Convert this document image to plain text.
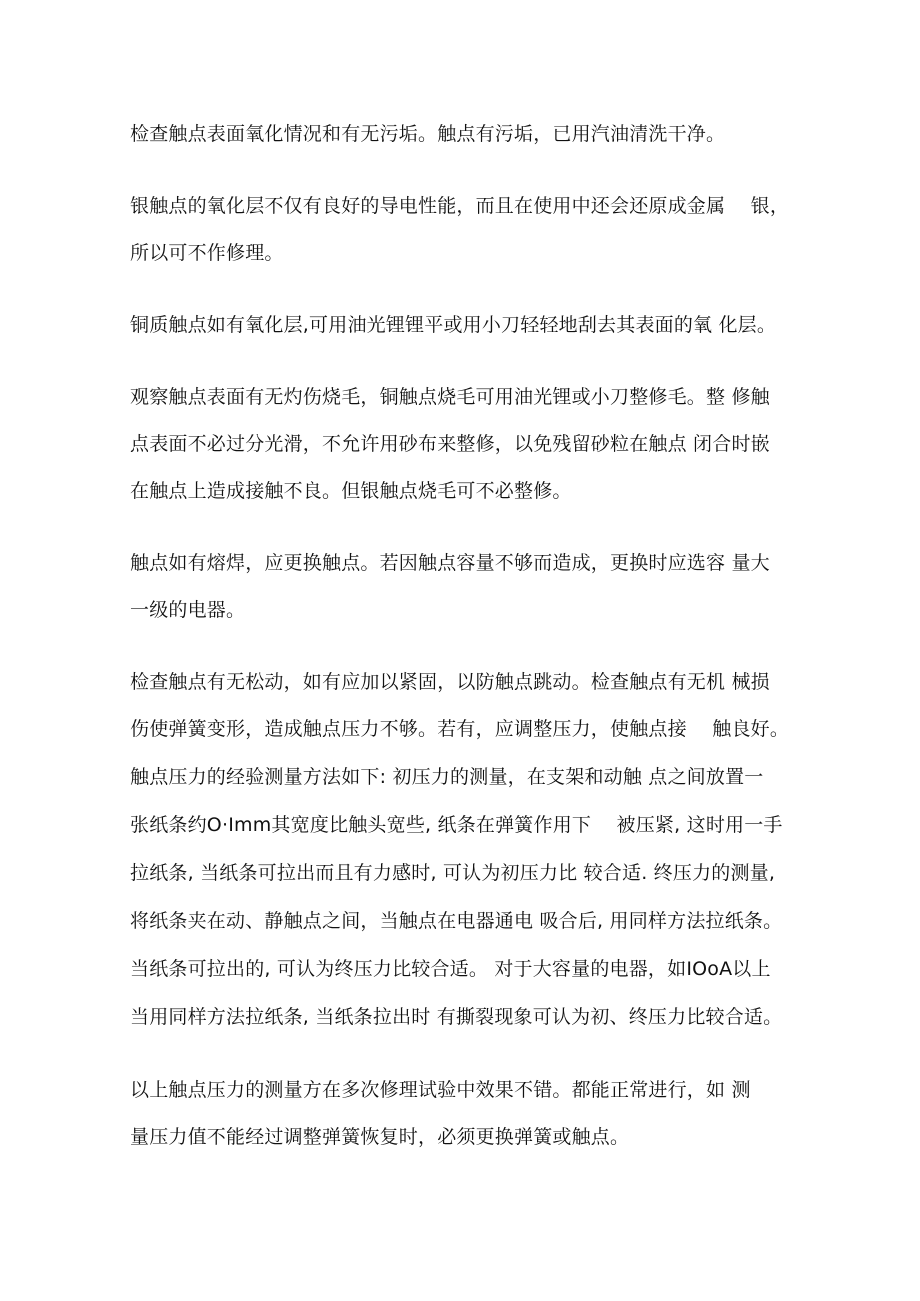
检查触点表面氧化情况和有无污垢。触点有污垢，已用汽油清洗干净。
银触点的氧化层不仅有良好的导电性能，而且在使用中还会还原成金属　 银，
所以可不作修理。
铜质触点如有氧化层,可用油光锂锂平或用小刀轻轻地刮去其表面的氧 化层。
观察触点表面有无灼伤烧毛，铜触点烧毛可用油光锂或小刀整修毛。整 修触
点表面不必过分光滑，不允许用砂布来整修，以免残留砂粒在触点 闭合时嵌
在触点上造成接触不良。但银触点烧毛可不必整修。
触点如有熔焊，应更换触点。若因触点容量不够而造成，更换时应选容 量大
一级的电器。
检查触点有无松动，如有应加以紧固，以防触点跳动。检查触点有无机 械损
伤使弹簧变形，造成触点压力不够。若有，应调整压力，使触点接　 触良好。
触点压力的经验测量方法如下: 初压力的测量，在支架和动触 点之间放置一
张纸条约O·Imm其宽度比触头宽些, 纸条在弹簧作用下　 被压紧, 这时用一手
拉纸条, 当纸条可拉出而且有力感时, 可认为初压力比 较合适. 终压力的测量,
将纸条夹在动、静触点之间，当触点在电器通电 吸合后, 用同样方法拉纸条。
当纸条可拉出的, 可认为终压力比较合适。 对于大容量的电器，如IOoA以上
当用同样方法拉纸条, 当纸条拉出时 有撕裂现象可认为初、终压力比较合适。
以上触点压力的测量方在多次修理试验中效果不错。都能正常进行，如 测
量压力值不能经过调整弹簧恢复时，必须更换弹簧或触点。
